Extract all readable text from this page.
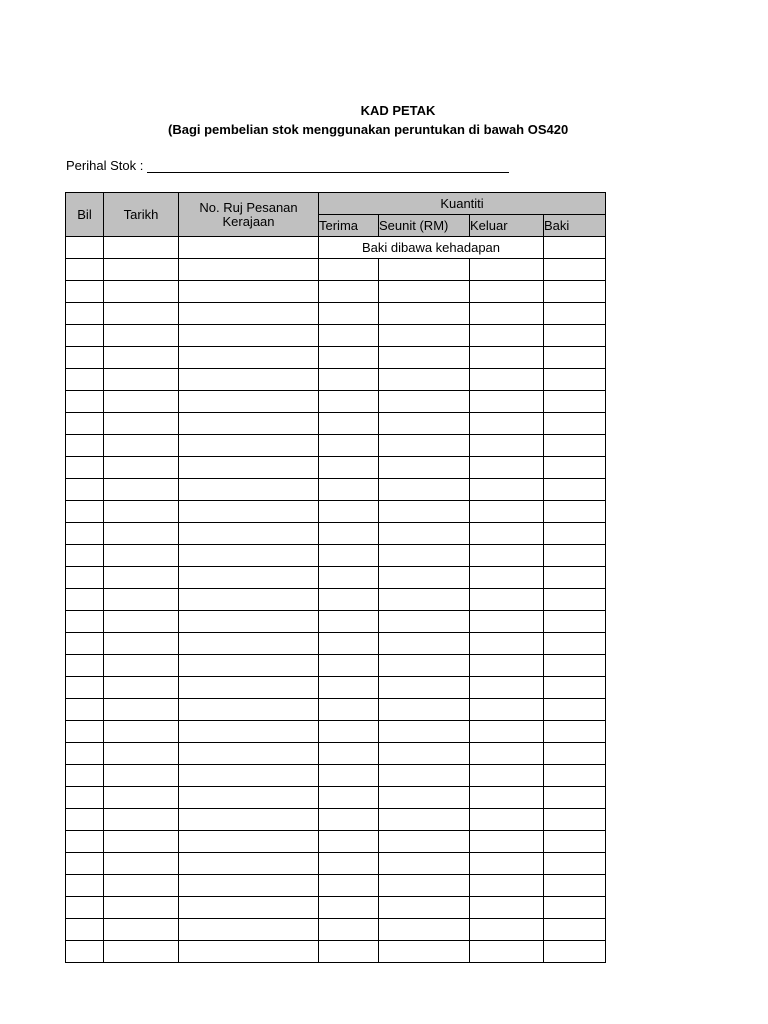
KAD PETAK
(Bagi pembelian stok menggunakan peruntukan di bawah OS420
Perihal Stok :
Bil	Tarikh	No. Ruj Pesanan Kerajaan	Kuantiti			
			Terima	Seunit (RM)	Keluar	Baki
			Baki dibawa kehadapan			
